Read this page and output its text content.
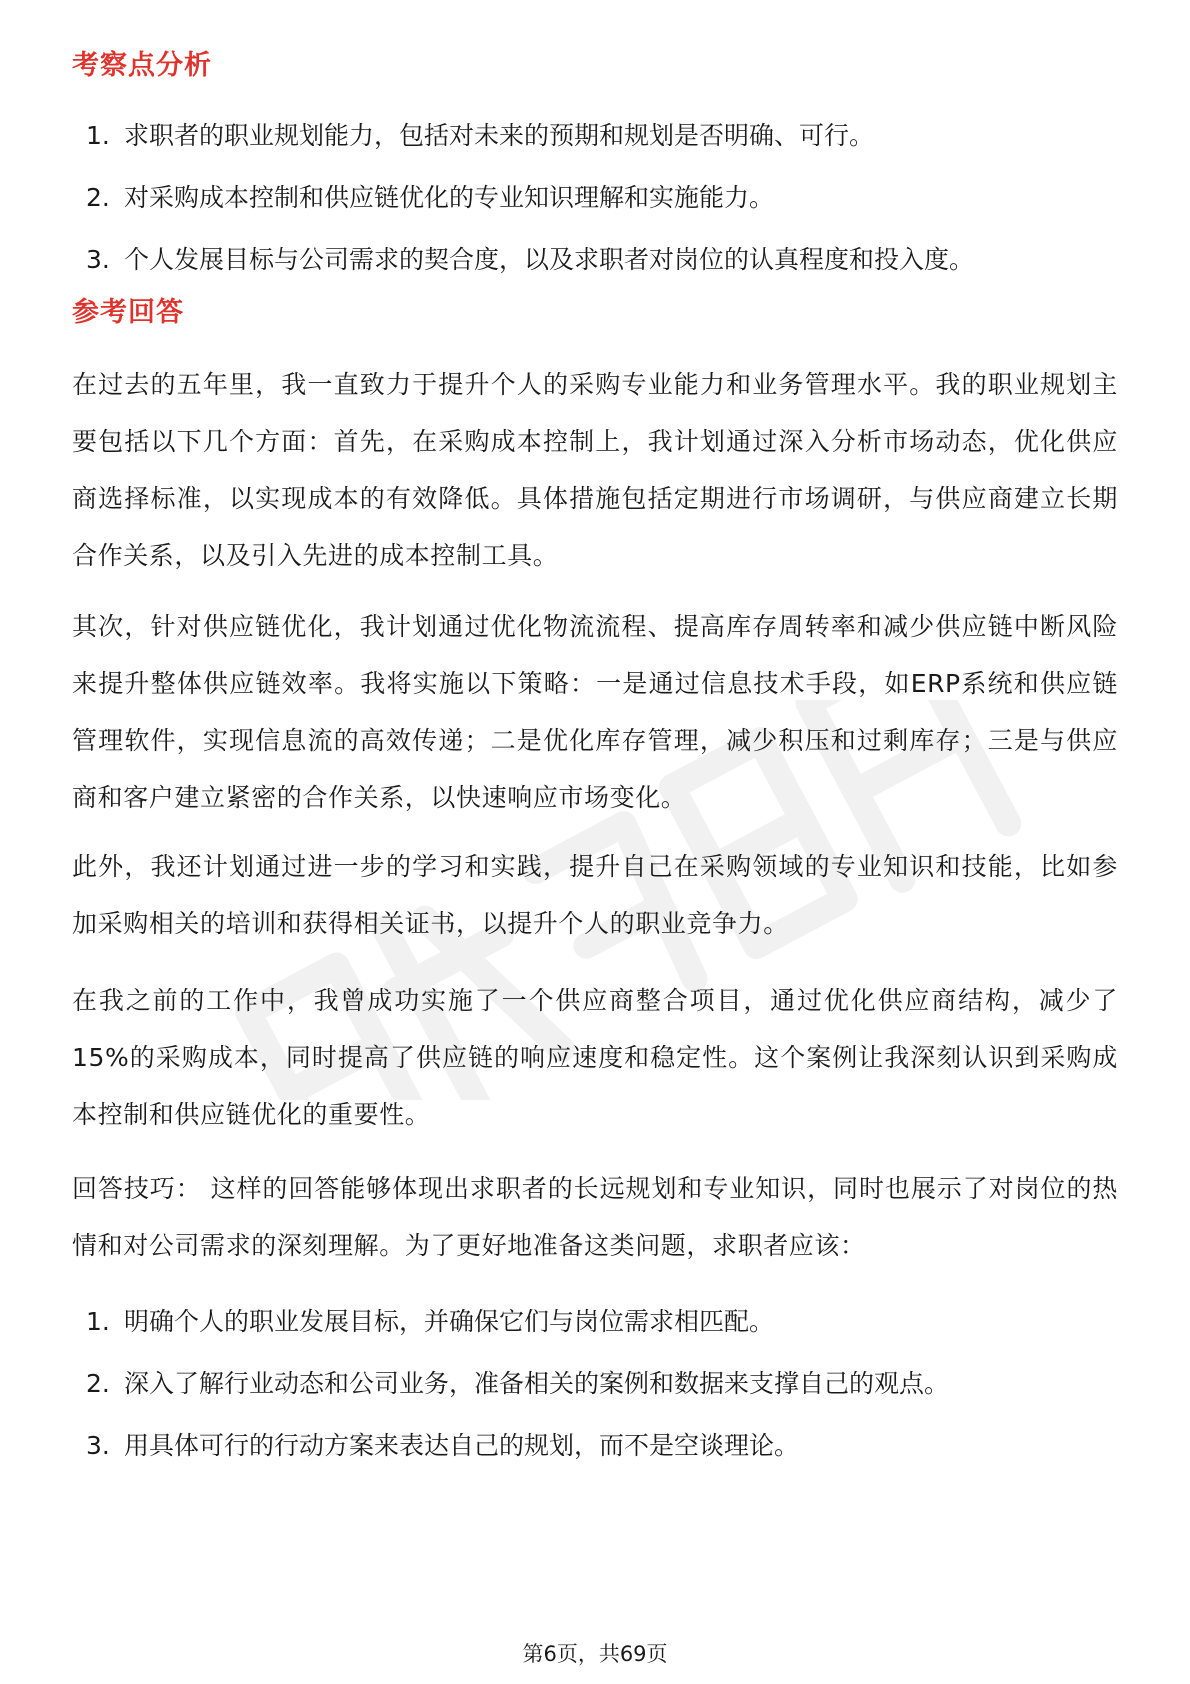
考察点分析
1. 求职者的职业规划能力，包括对未来的预期和规划是否明确、可行。
2. 对采购成本控制和供应链优化的专业知识理解和实施能力。
3. 个人发展目标与公司需求的契合度，以及求职者对岗位的认真程度和投入度。
参考回答

在过去的五年里，我一直致力于提升个人的采购专业能力和业务管理水平。我的职业规划主要包括以下几个方面：首先，在采购成本控制上，我计划通过深入分析市场动态，优化供应商选择标准，以实现成本的有效降低。具体措施包括定期进行市场调研，与供应商建立长期合作关系，以及引入先进的成本控制工具。

其次，针对供应链优化，我计划通过优化物流流程、提高库存周转率和减少供应链中断风险来提升整体供应链效率。我将实施以下策略：一是通过信息技术手段，如ERP系统和供应链管理软件，实现信息流的高效传递；二是优化库存管理，减少积压和过剩库存；三是与供应商和客户建立紧密的合作关系，以快速响应市场变化。

此外，我还计划通过进一步的学习和实践，提升自己在采购领域的专业知识和技能，比如参加采购相关的培训和获得相关证书，以提升个人的职业竞争力。

在我之前的工作中，我曾成功实施了一个供应商整合项目，通过优化供应商结构，减少了15%的采购成本，同时提高了供应链的响应速度和稳定性。这个案例让我深刻认识到采购成本控制和供应链优化的重要性。

回答技巧： 这样的回答能够体现出求职者的长远规划和专业知识，同时也展示了对岗位的热情和对公司需求的深刻理解。为了更好地准备这类问题，求职者应该：

1. 明确个人的职业发展目标，并确保它们与岗位需求相匹配。
2. 深入了解行业动态和公司业务，准备相关的案例和数据来支撑自己的观点。
3. 用具体可行的行动方案来表达自己的规划，而不是空谈理论。
第6页，共69页
